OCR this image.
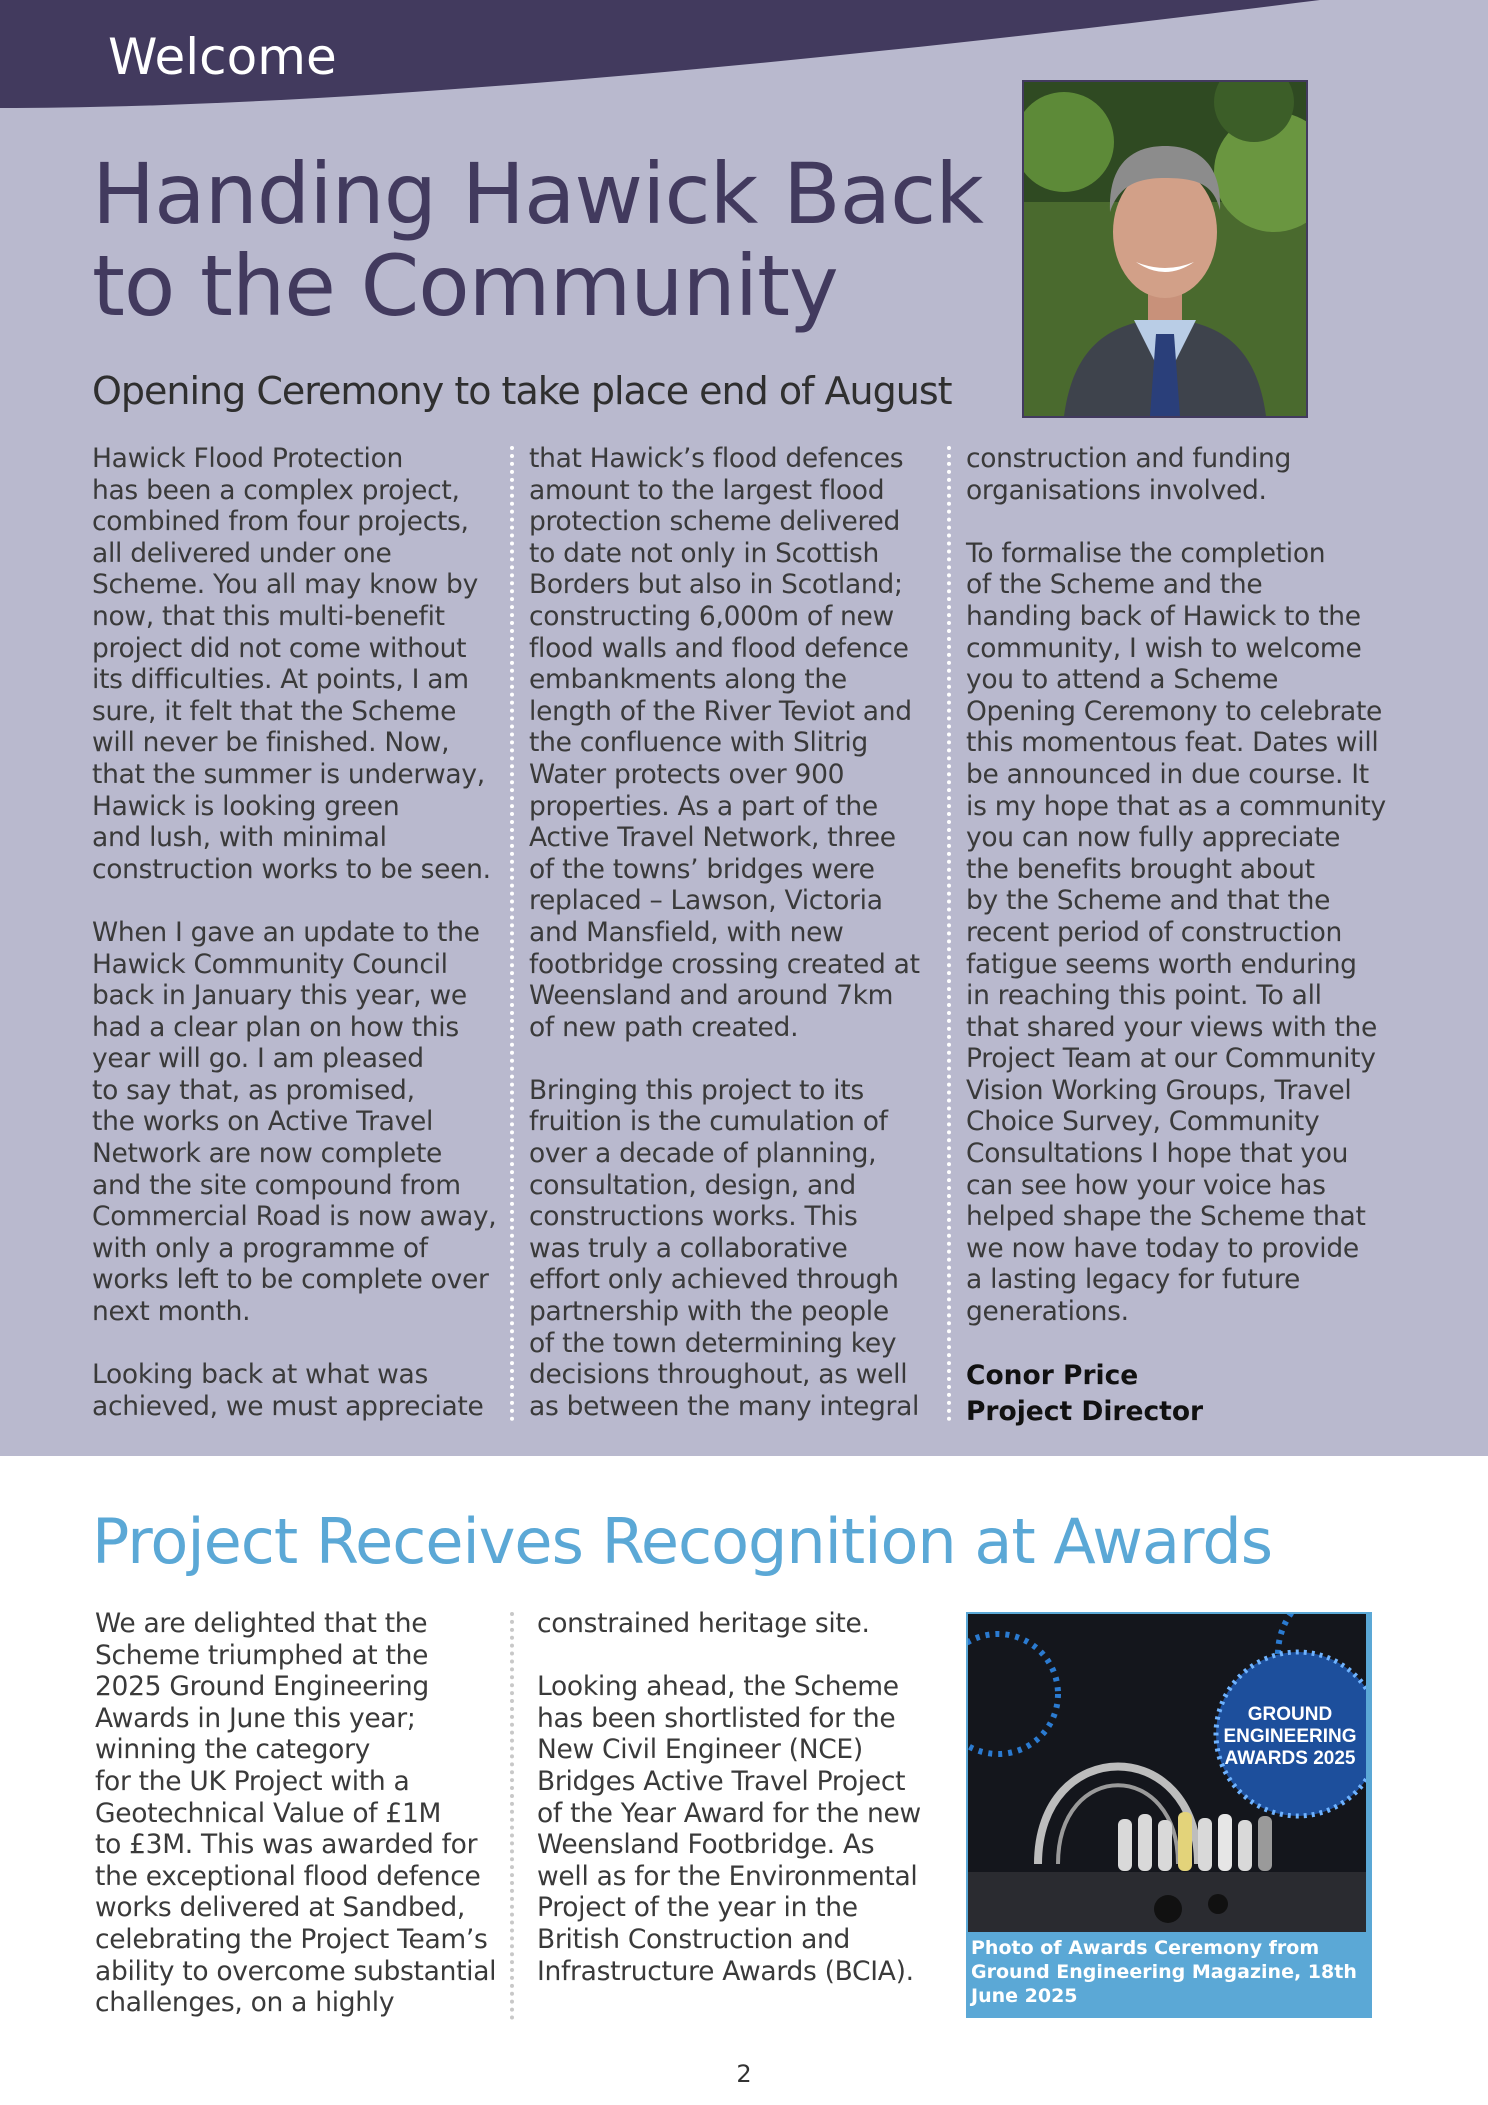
Welcome
Handing Hawick Back
to the Community
Opening Ceremony to take place end of August
Hawick Flood Protection
has been a complex project,
combined from four projects,
all delivered under one
Scheme. You all may know by
now, that this multi-benefit
project did not come without
its difficulties. At points, I am
sure, it felt that the Scheme
will never be finished. Now,
that the summer is underway,
Hawick is looking green
and lush, with minimal
construction works to be seen.

When I gave an update to the
Hawick Community Council
back in January this year, we
had a clear plan on how this
year will go. I am pleased
to say that, as promised,
the works on Active Travel
Network are now complete
and the site compound from
Commercial Road is now away,
with only a programme of
works left to be complete over
next month.

Looking back at what was
achieved, we must appreciate
that Hawick’s flood defences
amount to the largest flood
protection scheme delivered
to date not only in Scottish
Borders but also in Scotland;
constructing 6,000m of new
flood walls and flood defence
embankments along the
length of the River Teviot and
the confluence with Slitrig
Water protects over 900
properties. As a part of the
Active Travel Network, three
of the towns’ bridges were
replaced – Lawson, Victoria
and Mansfield, with new
footbridge crossing created at
Weensland and around 7km
of new path created.

Bringing this project to its
fruition is the cumulation of
over a decade of planning,
consultation, design, and
constructions works. This
was truly a collaborative
effort only achieved through
partnership with the people
of the town determining key
decisions throughout, as well
as between the many integral
construction and funding
organisations involved.

To formalise the completion
of the Scheme and the
handing back of Hawick to the
community, I wish to welcome
you to attend a Scheme
Opening Ceremony to celebrate
this momentous feat. Dates will
be announced in due course. It
is my hope that as a community
you can now fully appreciate
the benefits brought about
by the Scheme and that the
recent period of construction
fatigue seems worth enduring
in reaching this point. To all
that shared your views with the
Project Team at our Community
Vision Working Groups, Travel
Choice Survey, Community
Consultations I hope that you
can see how your voice has
helped shape the Scheme that
we now have today to provide
a lasting legacy for future
generations.
Conor Price
Project Director
Project Receives Recognition at Awards
We are delighted that the
Scheme triumphed at the
2025 Ground Engineering
Awards in June this year;
winning the category
for the UK Project with a
Geotechnical Value of £1M
to £3M. This was awarded for
the exceptional flood defence
works delivered at Sandbed,
celebrating the Project Team’s
ability to overcome substantial
challenges, on a highly
constrained heritage site.

Looking ahead, the Scheme
has been shortlisted for the
New Civil Engineer (NCE)
Bridges Active Travel Project
of the Year Award for the new
Weensland Footbridge. As
well as for the Environmental
Project of the year in the
British Construction and
Infrastructure Awards (BCIA).
GROUND
ENGINEERING
AWARDS 2025
Photo of Awards Ceremony from
Ground Engineering Magazine, 18th
June 2025
2
